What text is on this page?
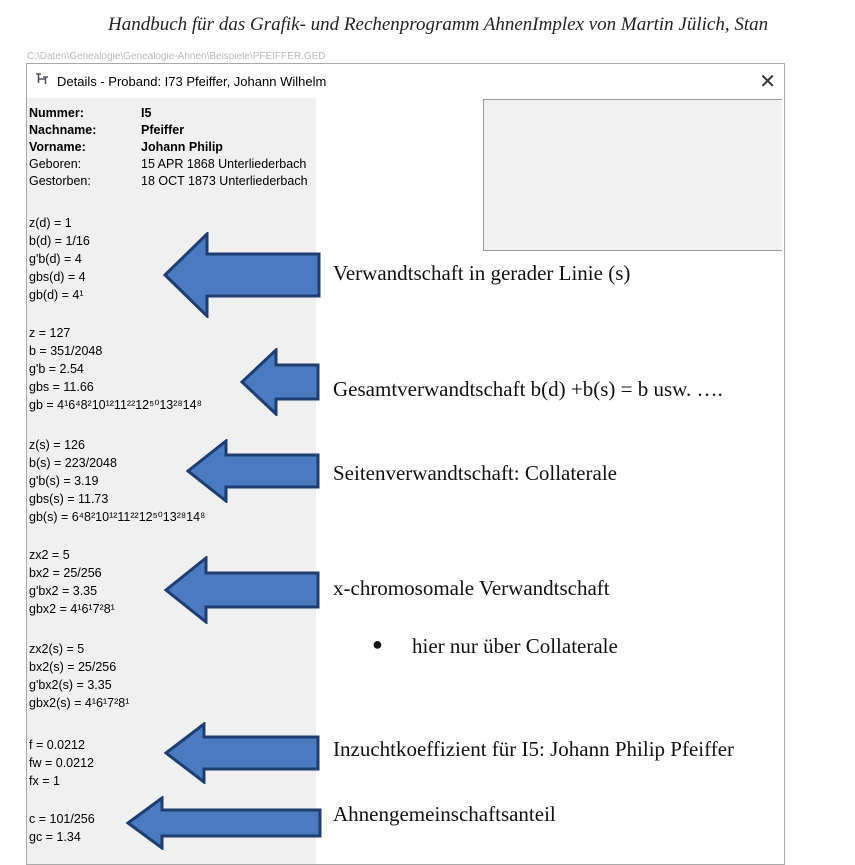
Handbuch für das Grafik- und Rechenprogramm AhnenImplex von Martin Jülich, Stan
C:\Daten\Genealogie\Genealogie-Ahnen\Beispiele\PFEIFFER.GED
Details - Proband: I73 Pfeiffer, Johann Wilhelm	✕
Nummer:	I5
Nachname:	Pfeiffer
Vorname:	Johann Philip
Geboren:	15 APR 1868 Unterliederbach
Gestorben:	18 OCT 1873 Unterliederbach
z(d) = 1
b(d) = 1/16
g'b(d) = 4
gbs(d) = 4
gb(d) = 4¹
z = 127
b = 351/2048
g'b = 2.54
gbs = 11.66
gb = 4¹6⁴8²10¹²11²²12⁵⁰13²⁸14⁸
z(s) = 126
b(s) = 223/2048
g'b(s) = 3.19
gbs(s) = 11.73
gb(s) = 6⁴8²10¹²11²²12⁵⁰13²⁸14⁸
zx2 = 5
bx2 = 25/256
g'bx2 = 3.35
gbx2 = 4¹6¹7²8¹
zx2(s) = 5
bx2(s) = 25/256
g'bx2(s) = 3.35
gbx2(s) = 4¹6¹7²8¹
f = 0.0212
fw = 0.0212
fx = 1
c = 101/256
gc = 1.34
Verwandtschaft in gerader Linie (s)
Gesamtverwandtschaft b(d) +b(s) = b usw. ….
Seitenverwandtschaft: Collaterale
x-chromosomale Verwandtschaft
● hier nur über Collaterale
Inzuchtkoeffizient für I5: Johann Philip Pfeiffer
Ahnengemeinschaftsanteil
